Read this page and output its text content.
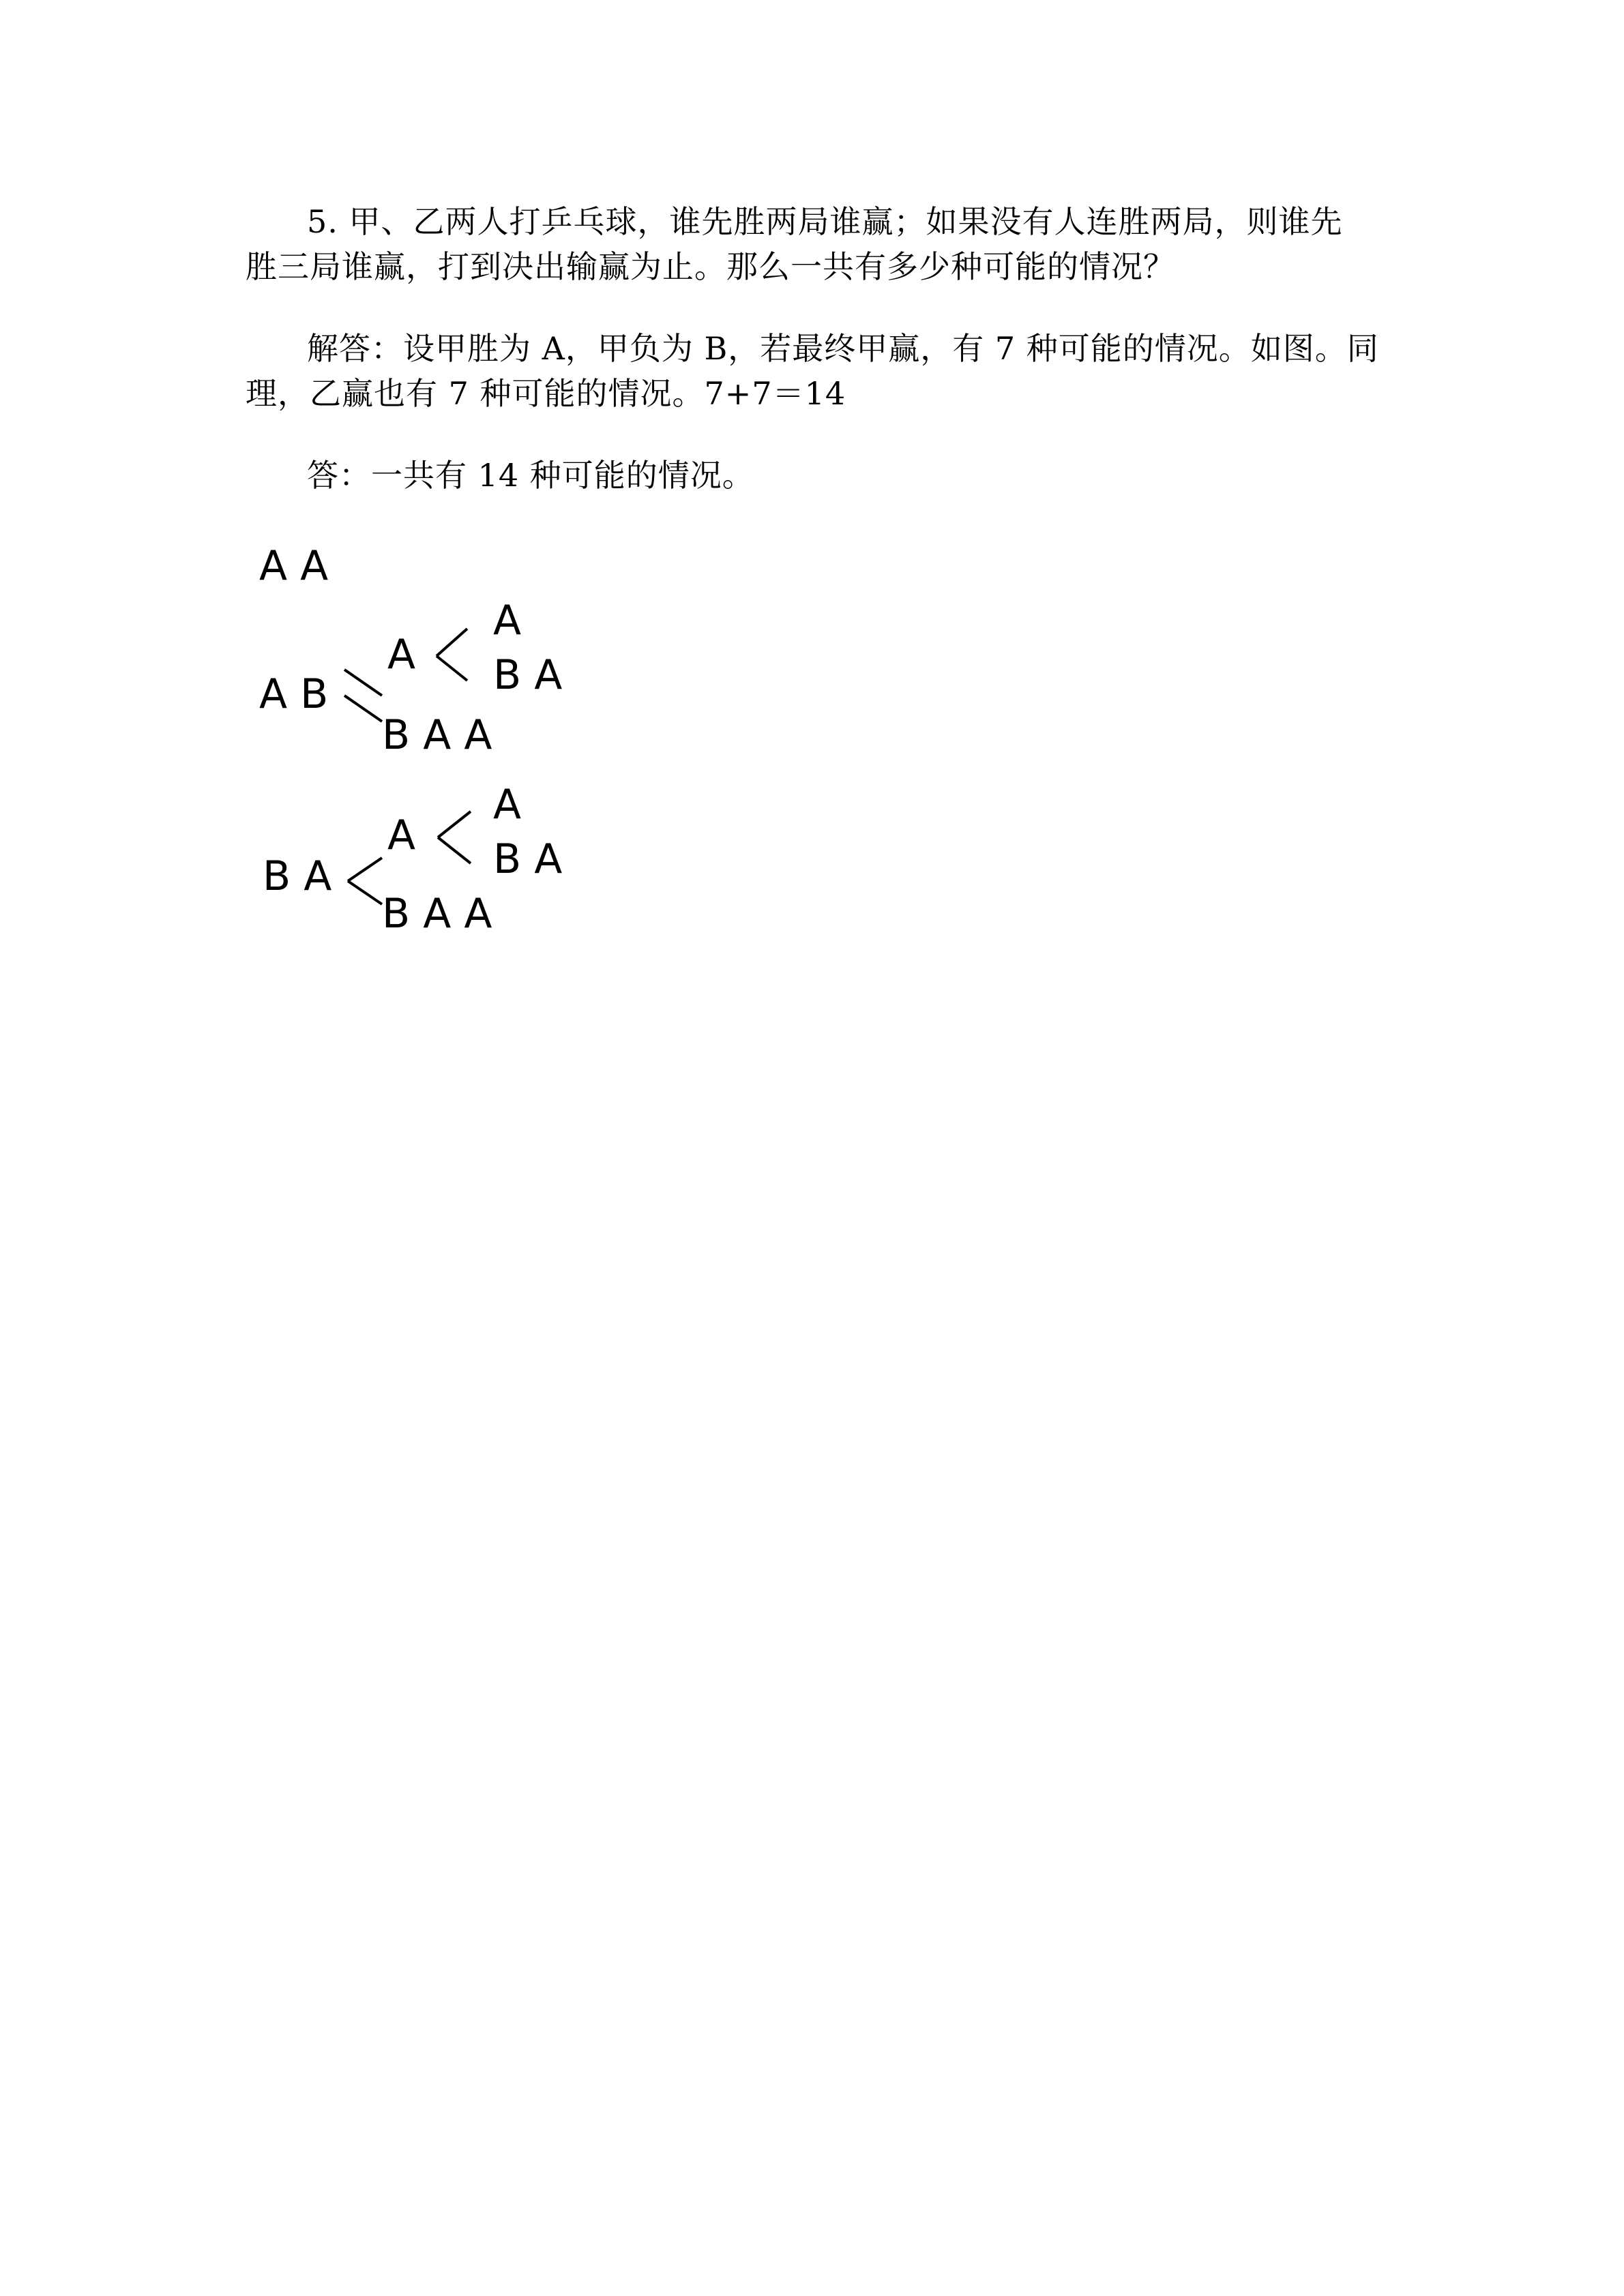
5. 甲、乙两人打乒乓球，谁先胜两局谁赢；如果没有人连胜两局，则谁先
胜三局谁赢，打到决出输赢为止。那么一共有多少种可能的情况？
解答：设甲胜为 A，甲负为 B，若最终甲赢，有 7 种可能的情况。如图。同
理，乙赢也有 7 种可能的情况。7+7＝14
答：一共有 14 种可能的情况。
A A
A B
A
A
B A
B A A
B A
A
A
B A
B A A
